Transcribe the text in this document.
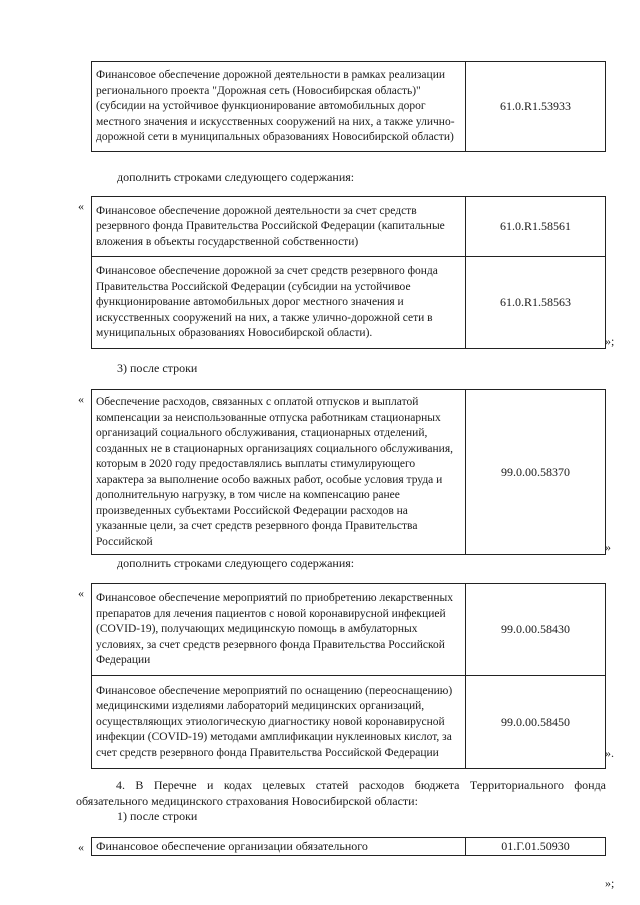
Финансовое обеспечение дорожной деятельности в рамках реализации регионального проекта "Дорожная сеть (Новосибирская область)" (субсидии на устойчивое функционирование автомобильных дорог местного значения и искусственных сооружений на них, а также улично-дорожной сети в муниципальных образованиях Новосибирской области)	61.0.R1.53933
дополнить строками следующего содержания:
« Финансовое обеспечение дорожной деятельности за счет средств резервного фонда Правительства Российской Федерации (капитальные вложения в объекты государственной собственности)	61.0.R1.58561
Финансовое обеспечение дорожной за счет средств резервного фонда Правительства Российской Федерации (субсидии на устойчивое функционирование автомобильных дорог местного значения и искусственных сооружений на них, а также улично-дорожной сети в муниципальных образованиях Новосибирской области).	61.0.R1.58563
»;
3) после строки
« Обеспечение расходов, связанных с оплатой отпусков и выплатой компенсации за неиспользованные отпуска работникам стационарных организаций социального обслуживания, стационарных отделений, созданных не в стационарных организациях социального обслуживания, которым в 2020 году предоставлялись выплаты стимулирующего характера за выполнение особо важных работ, особые условия труда и дополнительную нагрузку, в том числе на компенсацию ранее произведенных субъектами Российской Федерации расходов на указанные цели, за счет средств резервного фонда Правительства Российской	99.0.00.58370
»
дополнить строками следующего содержания:
« Финансовое обеспечение мероприятий по приобретению лекарственных препаратов для лечения пациентов с новой коронавирусной инфекцией (COVID-19), получающих медицинскую помощь в амбулаторных условиях, за счет средств резервного фонда Правительства Российской Федерации	99.0.00.58430
Финансовое обеспечение мероприятий по оснащению (переоснащению) медицинскими изделиями лабораторий медицинских организаций, осуществляющих этиологическую диагностику новой коронавирусной инфекции (COVID-19) методами амплификации нуклеиновых кислот, за счет средств резервного фонда Правительства Российской Федерации	99.0.00.58450
».
4. В Перечне и кодах целевых статей расходов бюджета Территориального фонда обязательного медицинского страхования Новосибирской области:
1) после строки
« Финансовое обеспечение организации обязательного	01.Г.01.50930
»;
